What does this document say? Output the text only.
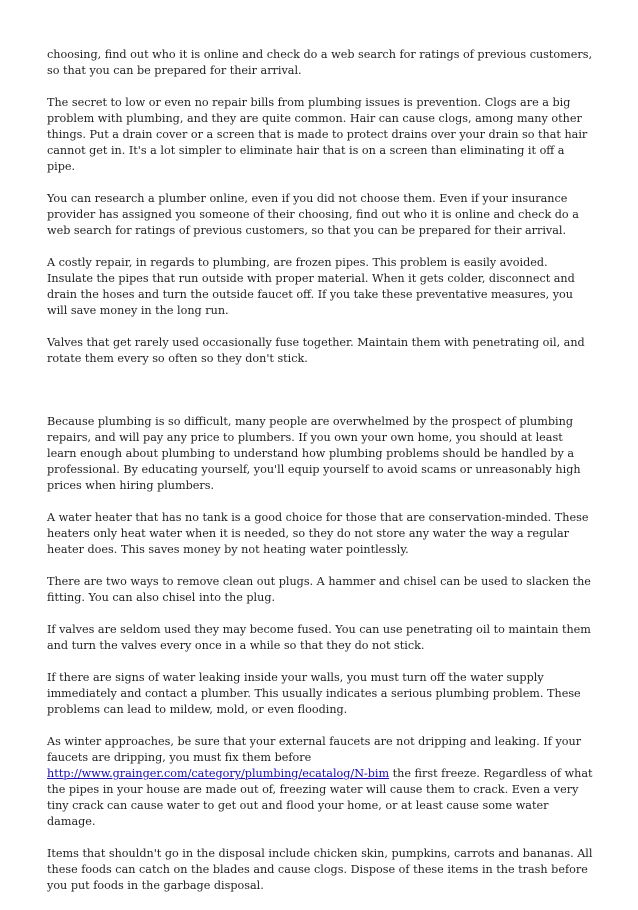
choosing, find out who it is online and check do a web search for ratings of previous customers, so that you can be prepared for their arrival.

The secret to low or even no repair bills from plumbing issues is prevention. Clogs are a big problem with plumbing, and they are quite common. Hair can cause clogs, among many other things. Put a drain cover or a screen that is made to protect drains over your drain so that hair cannot get in. It's a lot simpler to eliminate hair that is on a screen than eliminating it off a pipe.

You can research a plumber online, even if you did not choose them. Even if your insurance provider has assigned you someone of their choosing, find out who it is online and check do a web search for ratings of previous customers, so that you can be prepared for their arrival.

A costly repair, in regards to plumbing, are frozen pipes. This problem is easily avoided. Insulate the pipes that run outside with proper material. When it gets colder, disconnect and drain the hoses and turn the outside faucet off. If you take these preventative measures, you will save money in the long run.

Valves that get rarely used occasionally fuse together. Maintain them with penetrating oil, and rotate them every so often so they don't stick.

Because plumbing is so difficult, many people are overwhelmed by the prospect of plumbing repairs, and will pay any price to plumbers. If you own your own home, you should at least learn enough about plumbing to understand how plumbing problems should be handled by a professional. By educating yourself, you'll equip yourself to avoid scams or unreasonably high prices when hiring plumbers.

A water heater that has no tank is a good choice for those that are conservation-minded. These heaters only heat water when it is needed, so they do not store any water the way a regular heater does. This saves money by not heating water pointlessly.

There are two ways to remove clean out plugs. A hammer and chisel can be used to slacken the fitting. You can also chisel into the plug.

If valves are seldom used they may become fused. You can use penetrating oil to maintain them and turn the valves every once in a while so that they do not stick.

If there are signs of water leaking inside your walls, you must turn off the water supply immediately and contact a plumber. This usually indicates a serious plumbing problem. These problems can lead to mildew, mold, or even flooding.

As winter approaches, be sure that your external faucets are not dripping and leaking. If your faucets are dripping, you must fix them before http://www.grainger.com/category/plumbing/ecatalog/N-bim the first freeze. Regardless of what the pipes in your house are made out of, freezing water will cause them to crack. Even a very tiny crack can cause water to get out and flood your home, or at least cause some water damage.

Items that shouldn't go in the disposal include chicken skin, pumpkins, carrots and bananas. All these foods can catch on the blades and cause clogs. Dispose of these items in the trash before you put foods in the garbage disposal.
